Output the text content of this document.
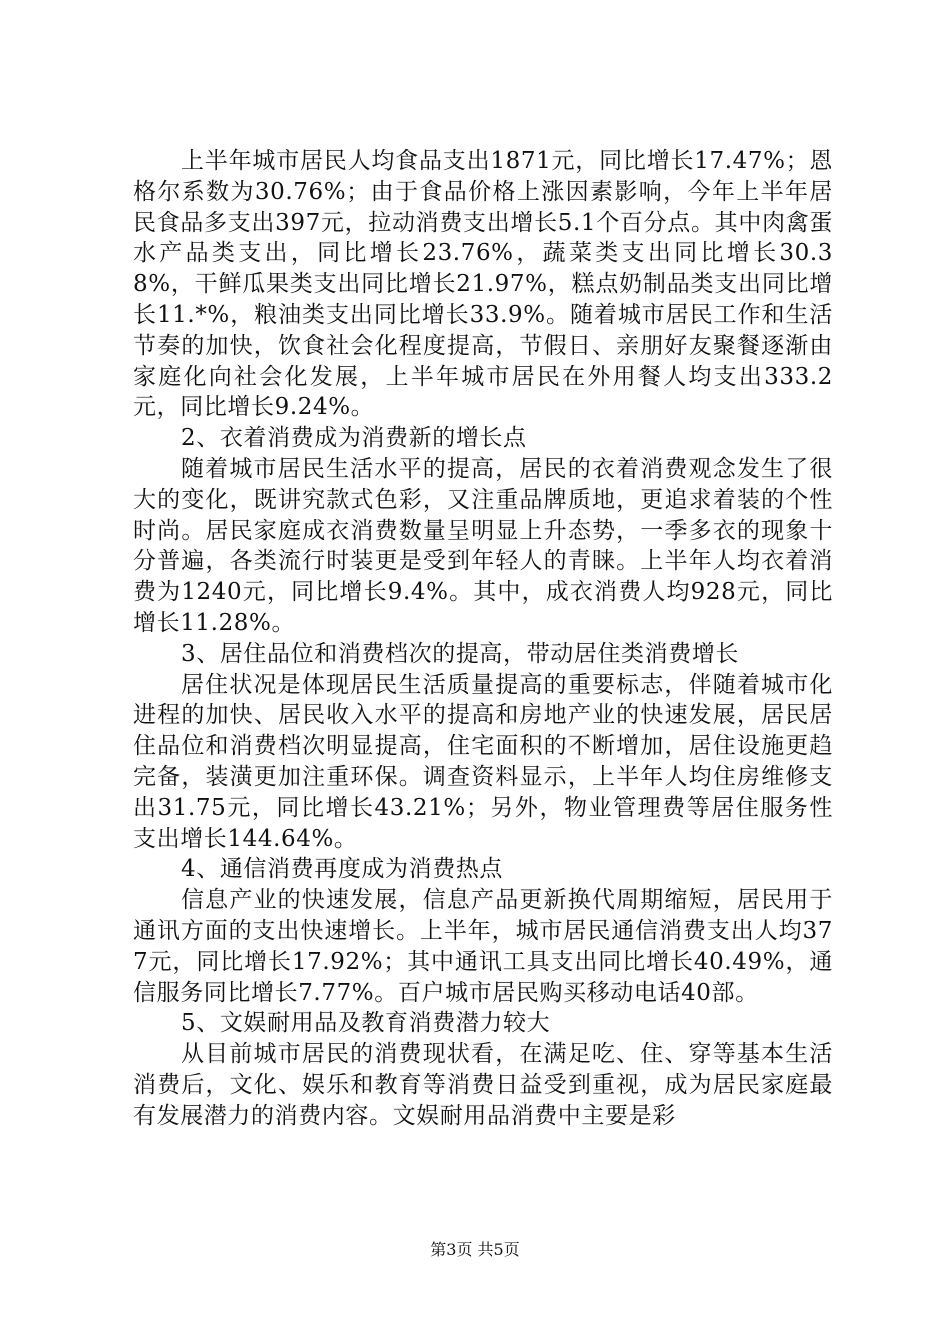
上半年城市居民人均食品支出1871元，同比增长17.47%；恩格尔系数为30.76%；由于食品价格上涨因素影响，今年上半年居民食品多支出397元，拉动消费支出增长5.1个百分点。其中肉禽蛋水产品类支出，同比增长23.76%，蔬菜类支出同比增长30.38%，干鲜瓜果类支出同比增长21.97%，糕点奶制品类支出同比增长11.*%，粮油类支出同比增长33.9%。随着城市居民工作和生活节奏的加快，饮食社会化程度提高，节假日、亲朋好友聚餐逐渐由家庭化向社会化发展，上半年城市居民在外用餐人均支出333.2元，同比增长9.24%。

2、衣着消费成为消费新的增长点

随着城市居民生活水平的提高，居民的衣着消费观念发生了很大的变化，既讲究款式色彩，又注重品牌质地，更追求着装的个性时尚。居民家庭成衣消费数量呈明显上升态势，一季多衣的现象十分普遍，各类流行时装更是受到年轻人的青睐。上半年人均衣着消费为1240元，同比增长9.4%。其中，成衣消费人均928元，同比增长11.28%。

3、居住品位和消费档次的提高，带动居住类消费增长

居住状况是体现居民生活质量提高的重要标志，伴随着城市化进程的加快、居民收入水平的提高和房地产业的快速发展，居民居住品位和消费档次明显提高，住宅面积的不断增加，居住设施更趋完备，装潢更加注重环保。调查资料显示，上半年人均住房维修支出31.75元，同比增长43.21%；另外，物业管理费等居住服务性支出增长144.64%。

4、通信消费再度成为消费热点

信息产业的快速发展，信息产品更新换代周期缩短，居民用于通讯方面的支出快速增长。上半年，城市居民通信消费支出人均377元，同比增长17.92%；其中通讯工具支出同比增长40.49%，通信服务同比增长7.77%。百户城市居民购买移动电话40部。

5、文娱耐用品及教育消费潜力较大

从目前城市居民的消费现状看，在满足吃、住、穿等基本生活消费后，文化、娱乐和教育等消费日益受到重视，成为居民家庭最有发展潜力的消费内容。文娱耐用品消费中主要是彩

第3页 共5页
